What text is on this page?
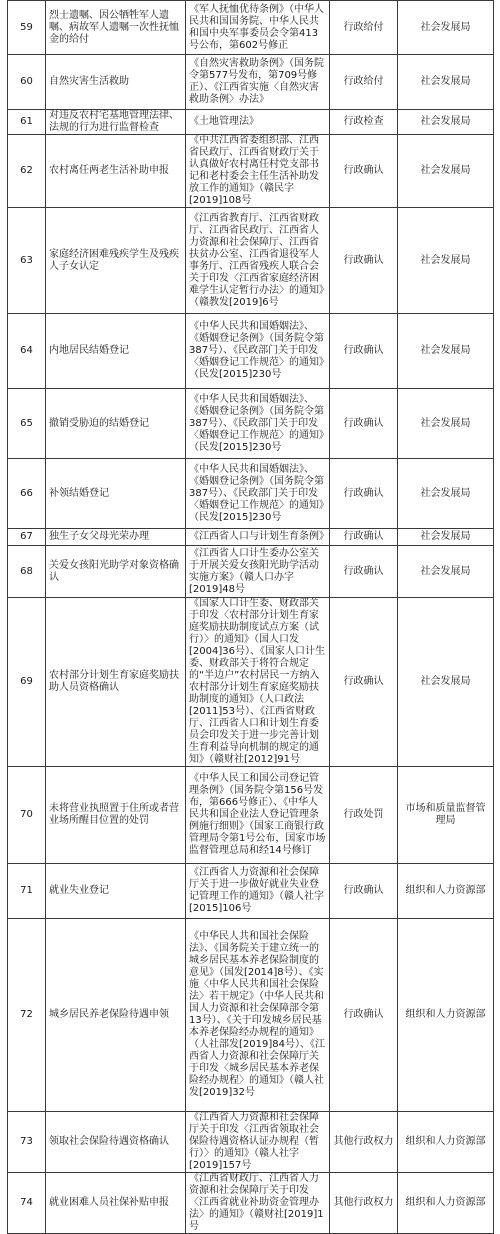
59	烈士遗嘱、因公牺牲军人遗嘱、病故军人遗嘱一次性抚恤金的给付	《军人抚恤优待条例》（中华人民共和国国务院、中华人民共和国中央军事委员会令第413号公布，第602号修正	行政给付	社会发展局
60	自然灾害生活救助	《自然灾害救助条例》（国务院令第577号发布，第709号修正）、《江西省实施〈自然灾害救助条例〉办法》	行政给付	社会发展局
61	对违反农村宅基地管理法律、法规的行为进行监督检查	《土地管理法》	行政检查	社会发展局
62	农村离任两老生活补助申报	《中共江西省委组织部、江西省民政厅、江西省财政厅关于认真做好农村离任村党支部书记和老村委会主任生活补助发放工作的通知》（赣民字[2019]108号	行政确认	社会发展局
63	家庭经济困难残疾学生及残疾人子女认定	《江西省教育厅、江西省财政厅、江西省民政厅、江西省人力资源和社会保障厅、江西省扶贫办公室、江西省退役军人事务厅、江西省残疾人联合会关于印发〈江西省家庭经济困难学生认定暂行办法〉的通知》（赣教发[2019]6号	行政确认	社会发展局
64	内地居民结婚登记	《中华人民共和国婚姻法》、《婚姻登记条例》（国务院令第387号）、《民政部门关于印发〈婚姻登记工作规范〉的通知》（民发[2015]230号	行政确认	社会发展局
65	撤销受胁迫的结婚登记	《中华人民共和国婚姻法》、《婚姻登记条例》（国务院令第387号）、《民政部门关于印发〈婚姻登记工作规范〉的通知》（民发[2015]230号	行政确认	社会发展局
66	补领结婚登记	《中华人民共和国婚姻法》、《婚姻登记条例》（国务院令第387号）、《民政部门关于印发〈婚姻登记工作规范〉的通知》（民发[2015]230号	行政确认	社会发展局
67	独生子女父母光荣办理	《江西省人口与计划生育条例》	行政确认	社会发展局
68	关爱女孩阳光助学对象资格确认	《江西省人口计生委办公室关于开展关爱女孩阳光助学活动实施方案》（赣人口办字[2019]48号	行政确认	社会发展局
69	农村部分计划生育家庭奖励扶助人员资格确认	《国家人口计生委、财政部关于印发〈农村部分计划生育家庭奖励扶助制度试点方案（试行）〉的通知》（国人口发[2004]36号）、《国家人口计生委、财政部关于将符合规定的“半边户”农村居民一方纳入农村部分计划生育家庭奖励扶助制度的通知》（人口政法[2011]53号）、《江西省财政厅、江西省人口和计划生育委员会印发关于进一步完善计划生育利益导向机制的规定的通知》（赣财社[2012]91号	行政确认	社会发展局
70	未将营业执照置于住所或者营业场所醒目位置的处罚	《中华人民工和国公司登记管理条例》（国务院令第156号发布，第666号修正）、《中华人民共和国企业法人登记管理条例施行细则》（国家工商银行政管理局令第1号公布，国家市场监督管理总局和经14号修订	行政处罚	市场和质量监督管理局
71	就业失业登记	《江西省人力资源和社会保障厅关于进一步做好就业失业登记管理工作的通知》（赣人社字[2015]106号	行政确认	组织和人力资源部
72	城乡居民养老保险待遇申领	《中华民人共和国社会保险法》、《国务院关于建立统一的城乡居民基本养老保险制度的意见》（国发[2014]8号）、《实施〈中华人民共和国社会保险法〉若干规定》（中华人民共和国人力资源和社会保障部令第13号）、《关于印发城乡居民基本养老保险经办规程的通知》（人社部发[2019]84号）、《江西省人力资源和社会保障厅关于印发〈城乡居民基本养老保险经办规程〉的通知》（赣人社发[2019]32号	行政确认	组织和人力资源部
73	领取社会保险待遇资格确认	《江西省人力资源和社会保障厅关于印发〈江西省领取社会保险待遇资格认证办规程（暂行）〉的通知》（赣人社字[2019]157号	其他行政权力	组织和人力资源部
74	就业困难人员社保补贴申报	《江西省财政厅、江西省人力资源和社会保障厅关于印发〈江西省就业补助资金管理办法〉的通知》（赣财社[2019]1号	其他行政权力	组织和人力资源部
